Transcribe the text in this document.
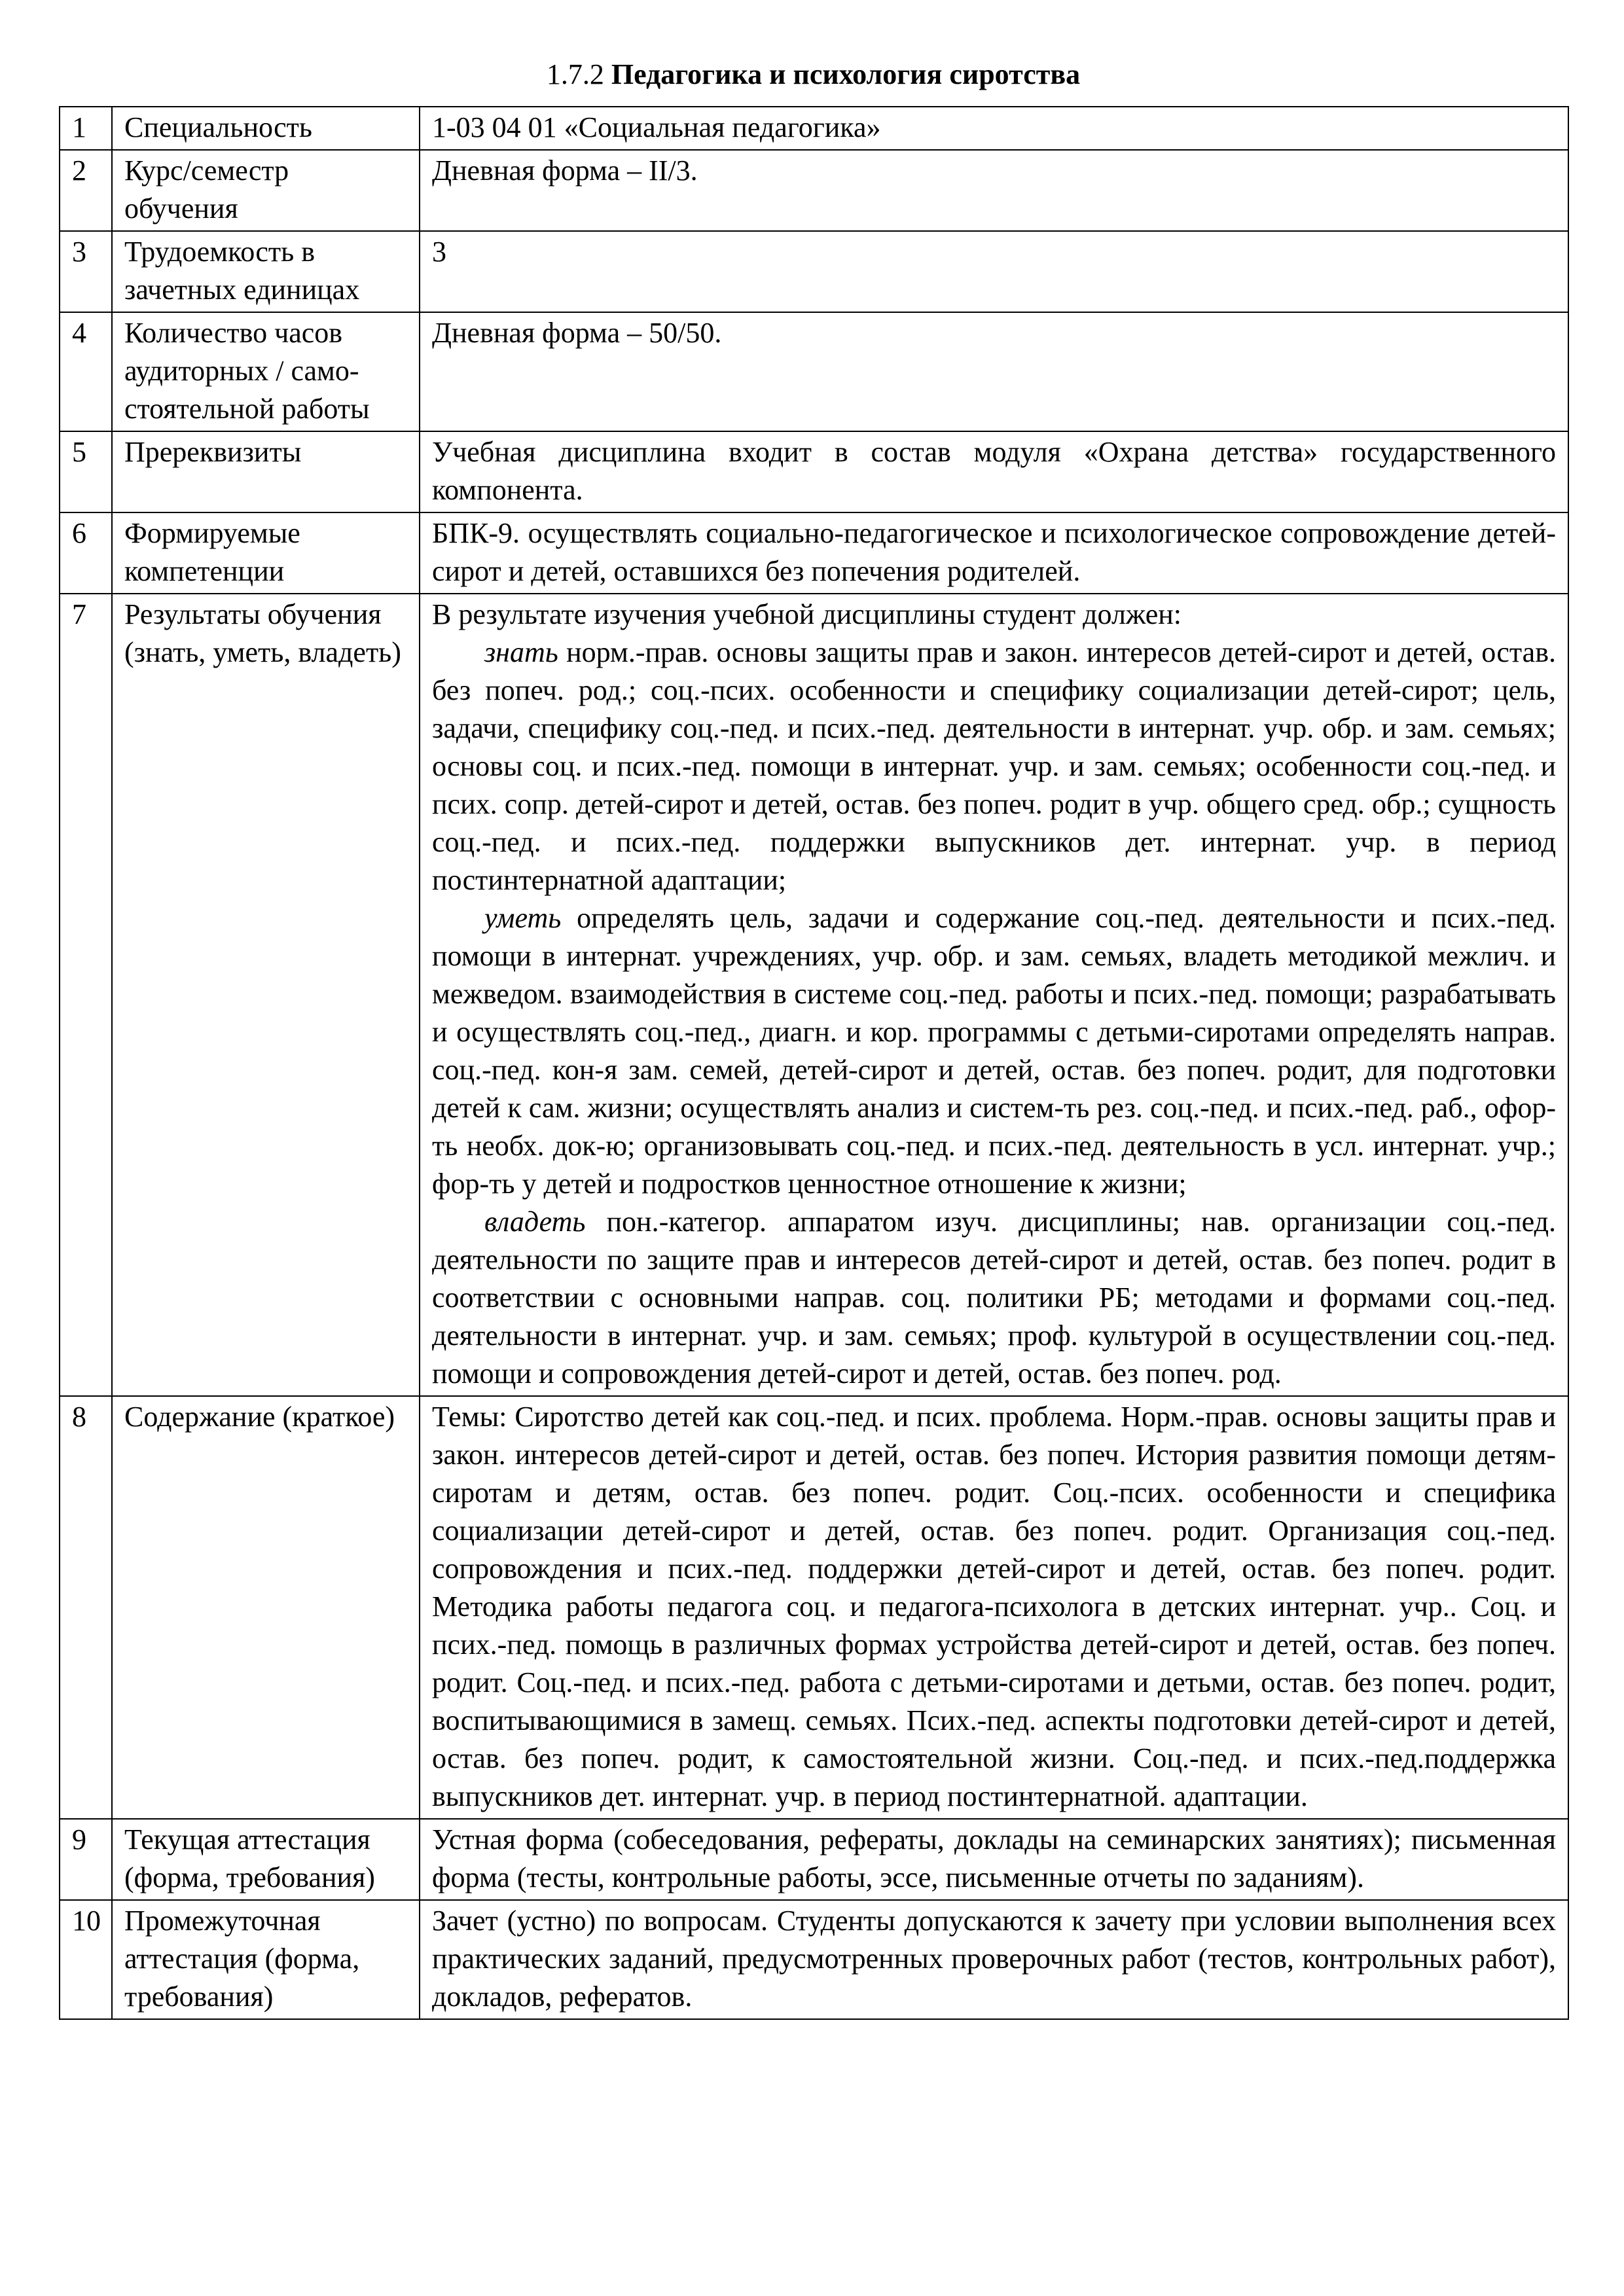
1.7.2 Педагогика и психология сиротства
1	Специальность	1-03 04 01 «Социальная педагогика»
2	Курс/семестр обучения	Дневная форма – II/3.
3	Трудоемкость в зачетных единицах	3
4	Количество часов аудиторных / само-стоятельной работы	Дневная форма – 50/50.
5	Пререквизиты	Учебная дисциплина входит в состав модуля «Охрана детства» государственного компонента.
6	Формируемые компетенции	БПК-9. осуществлять социально-педагогическое и психологическое сопровождение детей-сирот и детей, оставшихся без попечения родителей.
7	Результаты обучения (знать, уметь, владеть)	В результате изучения учебной дисциплины студент должен:
знать норм.-прав. основы защиты прав и закон. интересов детей-сирот и детей, остав. без попеч. род.; соц.-псих. особенности и специфику социализации детей-сирот; цель, задачи, специфику соц.-пед. и псих.-пед. деятельности в интернат. учр. обр. и зам. семьях; основы соц. и псих.-пед. помощи в интернат. учр. и зам. семьях; особенности соц.-пед. и псих. сопр. детей-сирот и детей, остав. без попеч. родит в учр. общего сред. обр.; сущность соц.-пед. и псих.-пед. поддержки выпускников дет. интернат. учр. в период постинтернатной адаптации;
уметь определять цель, задачи и содержание соц.-пед. деятельности и псих.-пед. помощи в интернат. учреждениях, учр. обр. и зам. семьях, владеть методикой межлич. и межведом. взаимодействия в системе соц.-пед. работы и псих.-пед. помощи; разрабатывать и осуществлять соц.-пед., диагн. и кор. программы с детьми-сиротами определять направ. соц.-пед. кон-я зам. семей, детей-сирот и детей, остав. без попеч. родит, для подготовки детей к сам. жизни; осуществлять анализ и систем-ть рез. соц.-пед. и псих.-пед. раб., офор-ть необх. док-ю; организовывать соц.-пед. и псих.-пед. деятельность в усл. интернат. учр.; фор-ть у детей и подростков ценностное отношение к жизни;
владеть пон.-категор. аппаратом изуч. дисциплины; нав. организации соц.-пед. деятельности по защите прав и интересов детей-сирот и детей, остав. без попеч. родит в соответствии с основными направ. соц. политики РБ; методами и формами соц.-пед. деятельности в интернат. учр. и зам. семьях; проф. культурой в осуществлении соц.-пед. помощи и сопровождения детей-сирот и детей, остав. без попеч. род.

8	Содержание (краткое)	Темы: Сиротство детей как соц.-пед. и псих. проблема. Норм.-прав. основы защиты прав и закон. интересов детей-сирот и детей, остав. без попеч. История развития помощи детям-сиротам и детям, остав. без попеч. родит. Соц.-псих. особенности и специфика социализации детей-сирот и детей, остав. без попеч. родит. Организация соц.-пед. сопровождения и псих.-пед. поддержки детей-сирот и детей, остав. без попеч. родит. Методика работы педагога соц. и педагога-психолога в детских интернат. учр.. Соц. и псих.-пед. помощь в различных формах устройства детей-сирот и детей, остав. без попеч. родит. Соц.-пед. и псих.-пед. работа с детьми-сиротами и детьми, остав. без попеч. родит, воспитывающимися в замещ. семьях. Псих.-пед. аспекты подготовки детей-сирот и детей, остав. без попеч. родит, к самостоятельной жизни. Соц.-пед. и псих.-пед.поддержка выпускников дет. интернат. учр. в период постинтернатной. адаптации.
9	Текущая аттестация (форма, требования)	Устная форма (собеседования, рефераты, доклады на семинарских занятиях); письменная форма (тесты, контрольные работы, эссе, письменные отчеты по заданиям).
10	Промежуточная аттестация (форма, требования)	Зачет (устно) по вопросам. Студенты допускаются к зачету при условии выполнения всех практических заданий, предусмотренных проверочных работ (тестов, контрольных работ), докладов, рефератов.
